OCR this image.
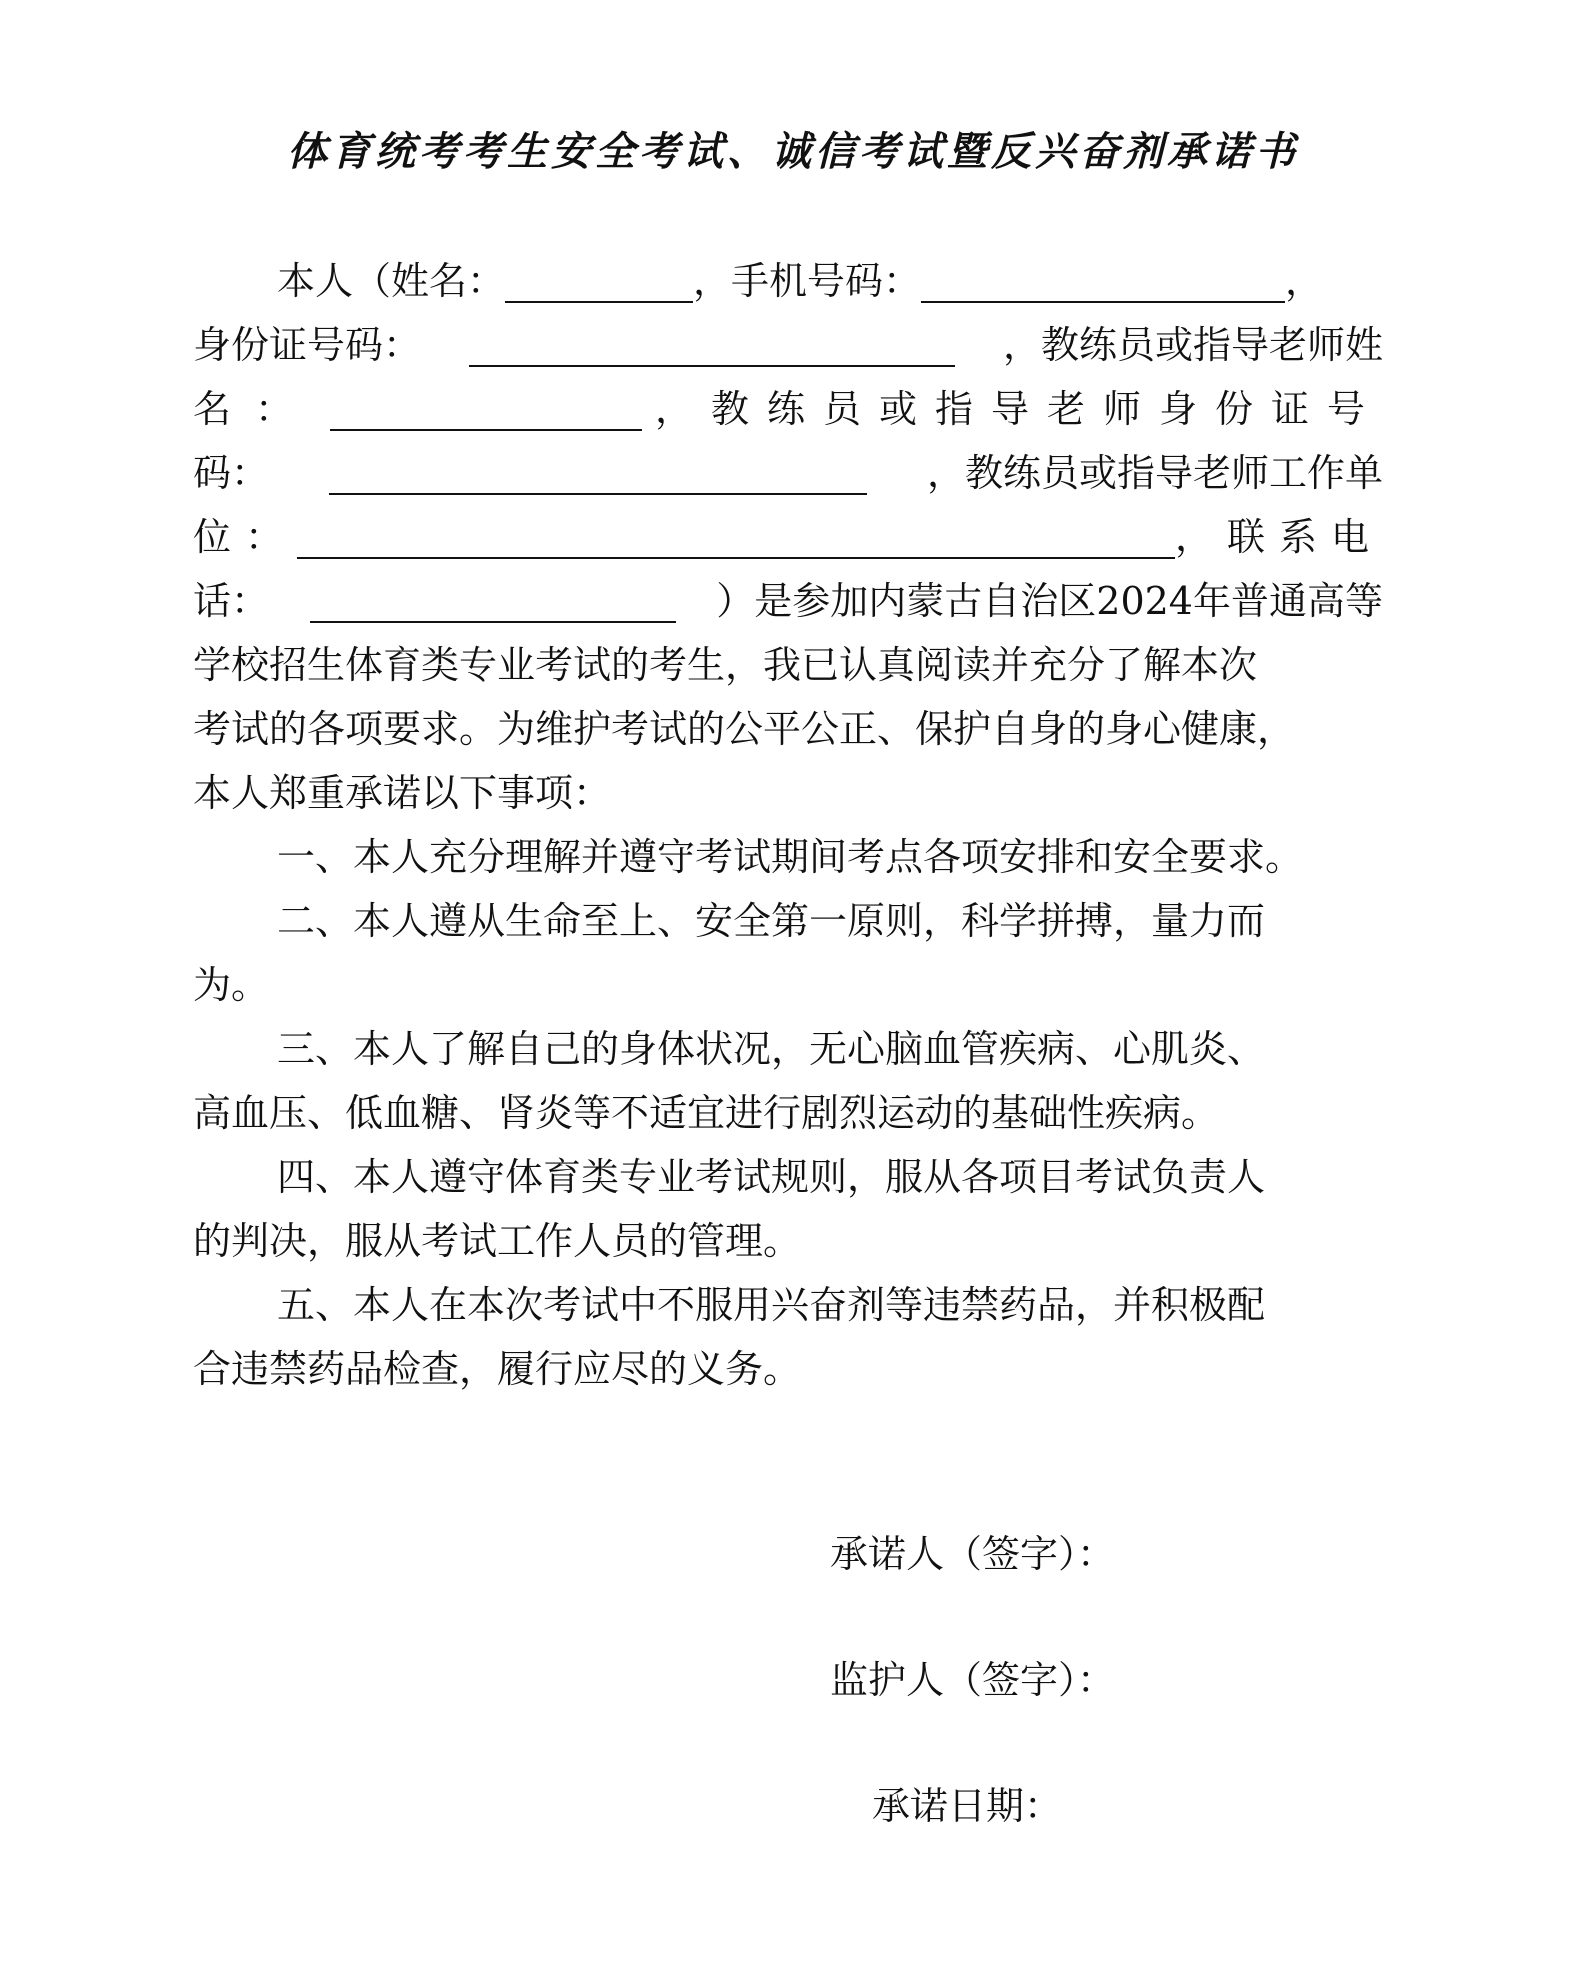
体育统考考生安全考试、诚信考试暨反兴奋剂承诺书
本人（姓名：	，手机号码：	，
身份证号码：	，教练员或指导老师姓
名：	，教练员或指导老师身份证号
码：	，教练员或指导老师工作单
位：	，联系电
话：	）是参加内蒙古自治区2024年普通高等
学校招生体育类专业考试的考生，我已认真阅读并充分了解本次
考试的各项要求。为维护考试的公平公正、保护自身的身心健康，
本人郑重承诺以下事项：
一、本人充分理解并遵守考试期间考点各项安排和安全要求。
二、本人遵从生命至上、安全第一原则，科学拼搏，量力而
为。
三、本人了解自己的身体状况，无心脑血管疾病、心肌炎、
高血压、低血糖、肾炎等不适宜进行剧烈运动的基础性疾病。
四、本人遵守体育类专业考试规则，服从各项目考试负责人
的判决，服从考试工作人员的管理。
五、本人在本次考试中不服用兴奋剂等违禁药品，并积极配
合违禁药品检查，履行应尽的义务。
承诺人（签字）：
监护人（签字）：
承诺日期：
